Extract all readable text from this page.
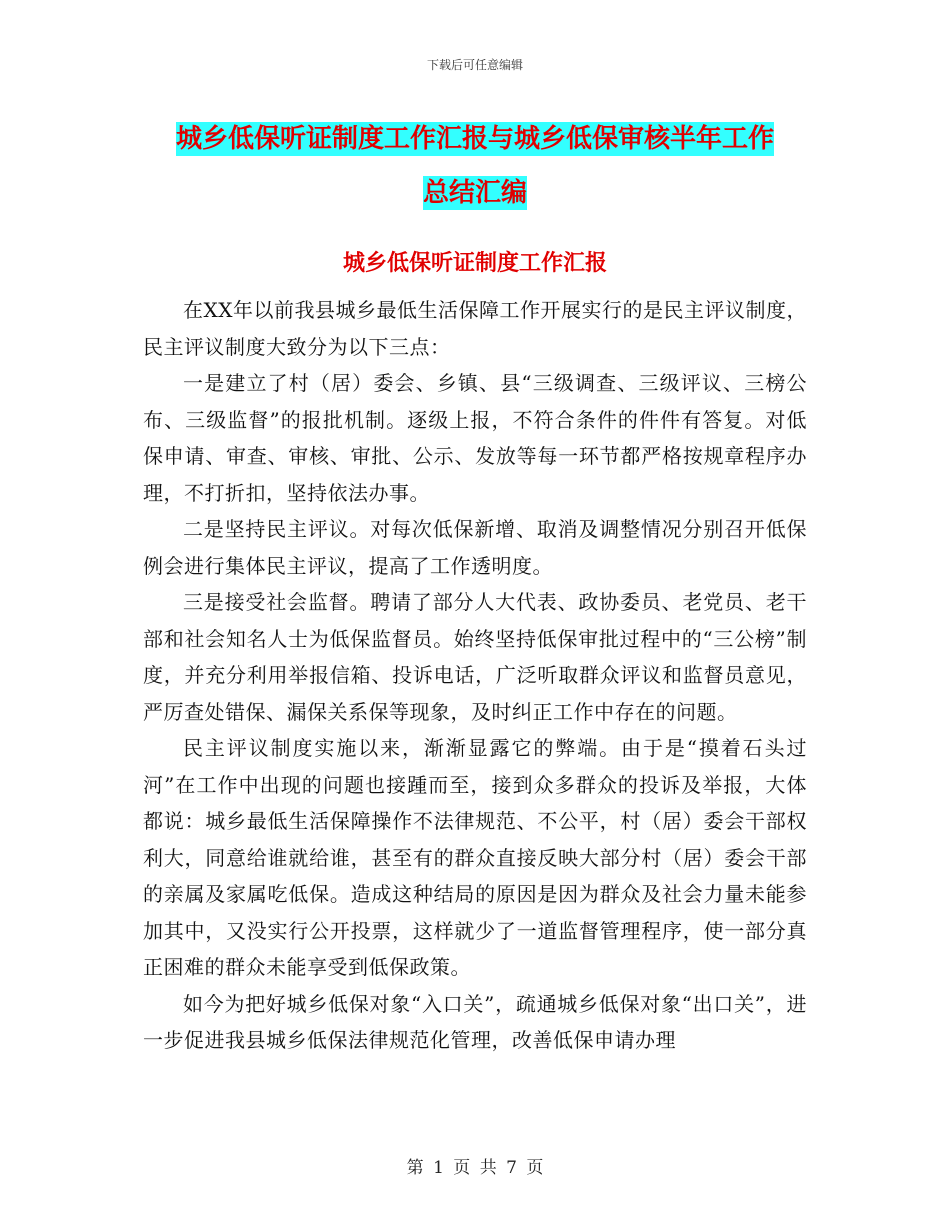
下载后可任意编辑
城乡低保听证制度工作汇报与城乡低保审核半年工作
总结汇编
城乡低保听证制度工作汇报

在XX年以前我县城乡最低生活保障工作开展实行的是民主评议制度，民主评议制度大致分为以下三点：

一是建立了村（居）委会、乡镇、县“三级调查、三级评议、三榜公布、三级监督”的报批机制。逐级上报，不符合条件的件件有答复。对低保申请、审查、审核、审批、公示、发放等每一环节都严格按规章程序办理，不打折扣，坚持依法办事。

二是坚持民主评议。对每次低保新增、取消及调整情况分别召开低保例会进行集体民主评议，提高了工作透明度。

三是接受社会监督。聘请了部分人大代表、政协委员、老党员、老干部和社会知名人士为低保监督员。始终坚持低保审批过程中的“三公榜”制度，并充分利用举报信箱、投诉电话，广泛听取群众评议和监督员意见，严厉查处错保、漏保关系保等现象，及时纠正工作中存在的问题。

民主评议制度实施以来，渐渐显露它的弊端。由于是“摸着石头过河”在工作中出现的问题也接踵而至，接到众多群众的投诉及举报，大体都说：城乡最低生活保障操作不法律规范、不公平，村（居）委会干部权利大，同意给谁就给谁，甚至有的群众直接反映大部分村（居）委会干部的亲属及家属吃低保。造成这种结局的原因是因为群众及社会力量未能参加其中，又没实行公开投票，这样就少了一道监督管理程序，使一部分真正困难的群众未能享受到低保政策。

如今为把好城乡低保对象“入口关”，疏通城乡低保对象“出口关”，进一步促进我县城乡低保法律规范化管理，改善低保申请办理

第 1 页 共 7 页
